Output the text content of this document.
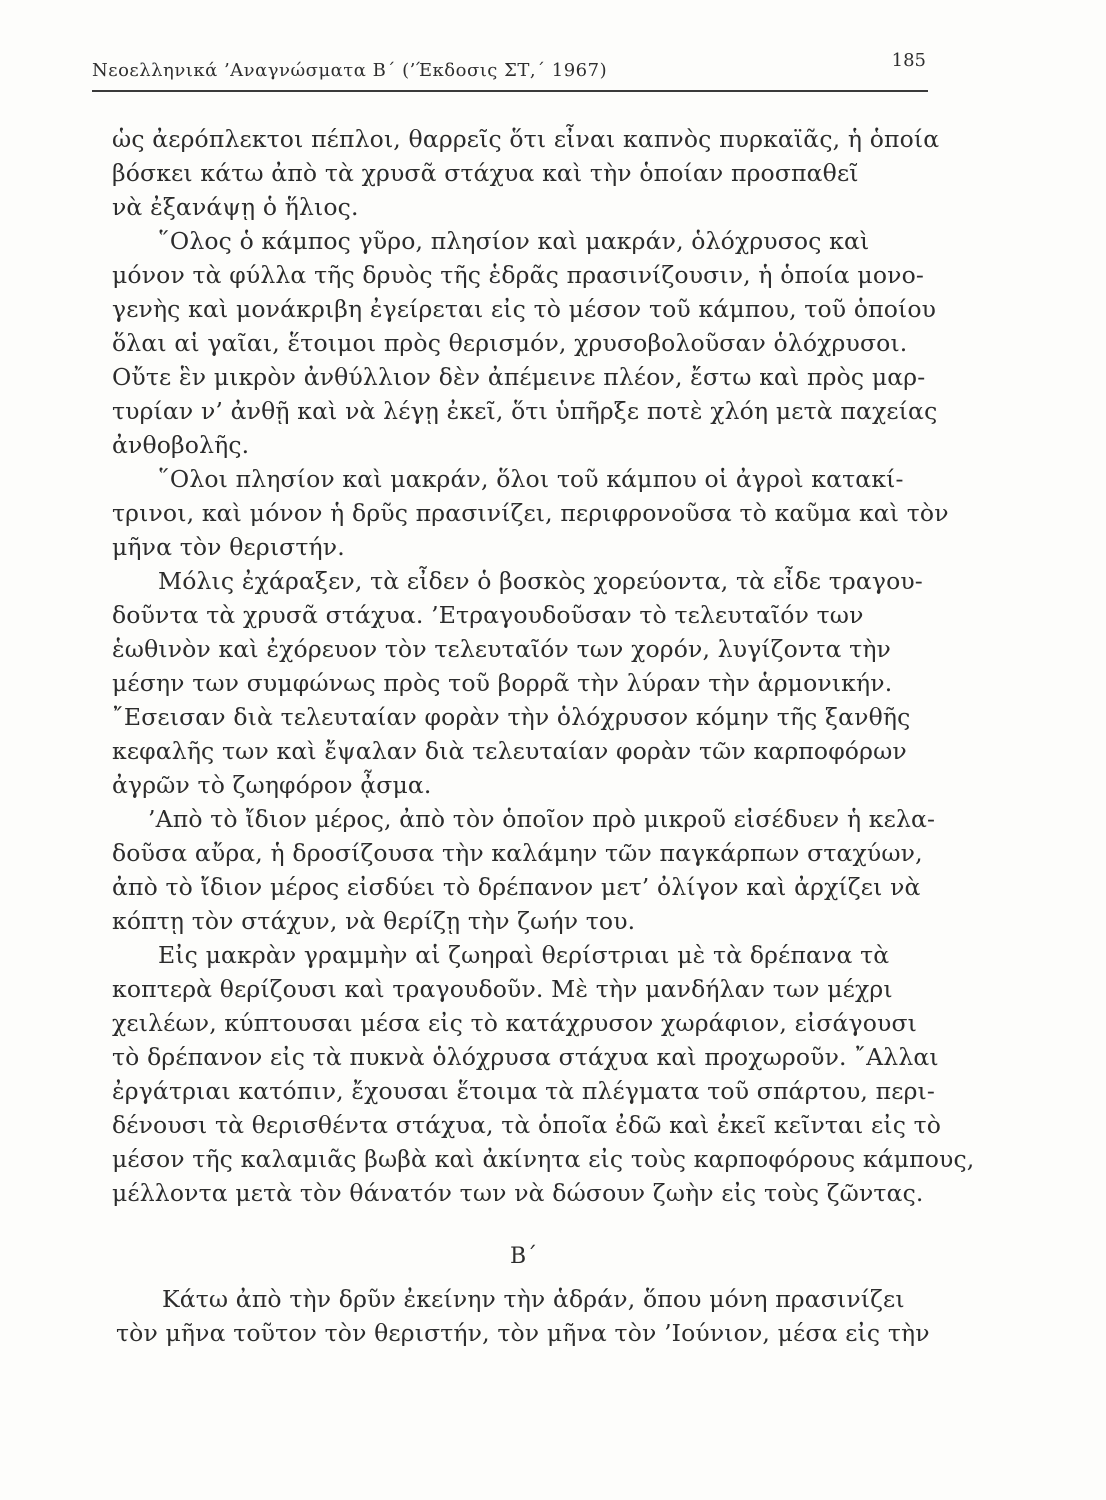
Νεοελληνικά ’Αναγνώσματα Β΄ (’Έκδοσις ΣΤ,΄ 1967)	185
ὡς ἀερόπλεκτοι πέπλοι, θαρρεῖς ὅτι εἶναι καπνὸς πυρκαϊᾶς, ἡ ὁποία
βόσκει κάτω ἀπὸ τὰ χρυσᾶ στάχυα καὶ τὴν ὁποίαν προσπαθεῖ
νὰ ἐξανάψῃ ὁ ἥλιος.
῞Ολος ὁ κάμπος γῦρο, πλησίον καὶ μακράν, ὁλόχρυσος καὶ
μόνον τὰ φύλλα τῆς δρυὸς τῆς ἑδρᾶς πρασινίζουσιν, ἡ ὁποία μονο-
γενὴς καὶ μονάκριβη ἐγείρεται εἰς τὸ μέσον τοῦ κάμπου, τοῦ ὁποίου
ὅλαι αἱ γαῖαι, ἕτοιμοι πρὸς θερισμόν, χρυσοβολοῦσαν ὁλόχρυσοι.
Οὔτε ἓν μικρὸν ἀνθύλλιον δὲν ἀπέμεινε πλέον, ἔστω καὶ πρὸς μαρ-
τυρίαν ν’ ἀνθῇ καὶ νὰ λέγῃ ἐκεῖ, ὅτι ὑπῆρξε ποτὲ χλόη μετὰ παχείας
ἀνθοβολῆς.
῞Ολοι πλησίον καὶ μακράν, ὅλοι τοῦ κάμπου οἱ ἀγροὶ κατακί-
τρινοι, καὶ μόνον ἡ δρῦς πρασινίζει, περιφρονοῦσα τὸ καῦμα καὶ τὸν
μῆνα τὸν θεριστήν.
Μόλις ἐχάραξεν, τὰ εἶδεν ὁ βοσκὸς χορεύοντα, τὰ εἶδε τραγου-
δοῦντα τὰ χρυσᾶ στάχυα. ’Ετραγουδοῦσαν τὸ τελευταῖόν των
ἑωθινὸν καὶ ἐχόρευον τὸν τελευταῖόν των χορόν, λυγίζοντα τὴν
μέσην των συμφώνως πρὸς τοῦ βορρᾶ τὴν λύραν τὴν ἁρμονικήν.
῎Εσεισαν διὰ τελευταίαν φορὰν τὴν ὁλόχρυσον κόμην τῆς ξανθῆς
κεφαλῆς των καὶ ἔψαλαν διὰ τελευταίαν φορὰν τῶν καρποφόρων
ἀγρῶν τὸ ζωηφόρον ᾆσμα.
’Απὸ τὸ ἴδιον μέρος, ἀπὸ τὸν ὁποῖον πρὸ μικροῦ εἰσέδυεν ἡ κελα-
δοῦσα αὔρα, ἡ δροσίζουσα τὴν καλάμην τῶν παγκάρπων σταχύων,
ἀπὸ τὸ ἴδιον μέρος εἰσδύει τὸ δρέπανον μετ’ ὀλίγον καὶ ἀρχίζει νὰ
κόπτῃ τὸν στάχυν, νὰ θερίζῃ τὴν ζωήν του.
Εἰς μακρὰν γραμμὴν αἱ ζωηραὶ θερίστριαι μὲ τὰ δρέπανα τὰ
κοπτερὰ θερίζουσι καὶ τραγουδοῦν. Μὲ τὴν μανδήλαν των μέχρι
χειλέων, κύπτουσαι μέσα εἰς τὸ κατάχρυσον χωράφιον, εἰσάγουσι
τὸ δρέπανον εἰς τὰ πυκνὰ ὁλόχρυσα στάχυα καὶ προχωροῦν. ῎Αλλαι
ἐργάτριαι κατόπιν, ἔχουσαι ἕτοιμα τὰ πλέγματα τοῦ σπάρτου, περι-
δένουσι τὰ θερισθέντα στάχυα, τὰ ὁποῖα ἐδῶ καὶ ἐκεῖ κεῖνται εἰς τὸ
μέσον τῆς καλαμιᾶς βωβὰ καὶ ἀκίνητα εἰς τοὺς καρποφόρους κάμπους,
μέλλοντα μετὰ τὸν θάνατόν των νὰ δώσουν ζωὴν εἰς τοὺς ζῶντας.
Β΄
Κάτω ἀπὸ τὴν δρῦν ἐκείνην τὴν ἁδράν, ὅπου μόνη πρασινίζει
τὸν μῆνα τοῦτον τὸν θεριστήν, τὸν μῆνα τὸν ’Ιούνιον, μέσα εἰς τὴν
